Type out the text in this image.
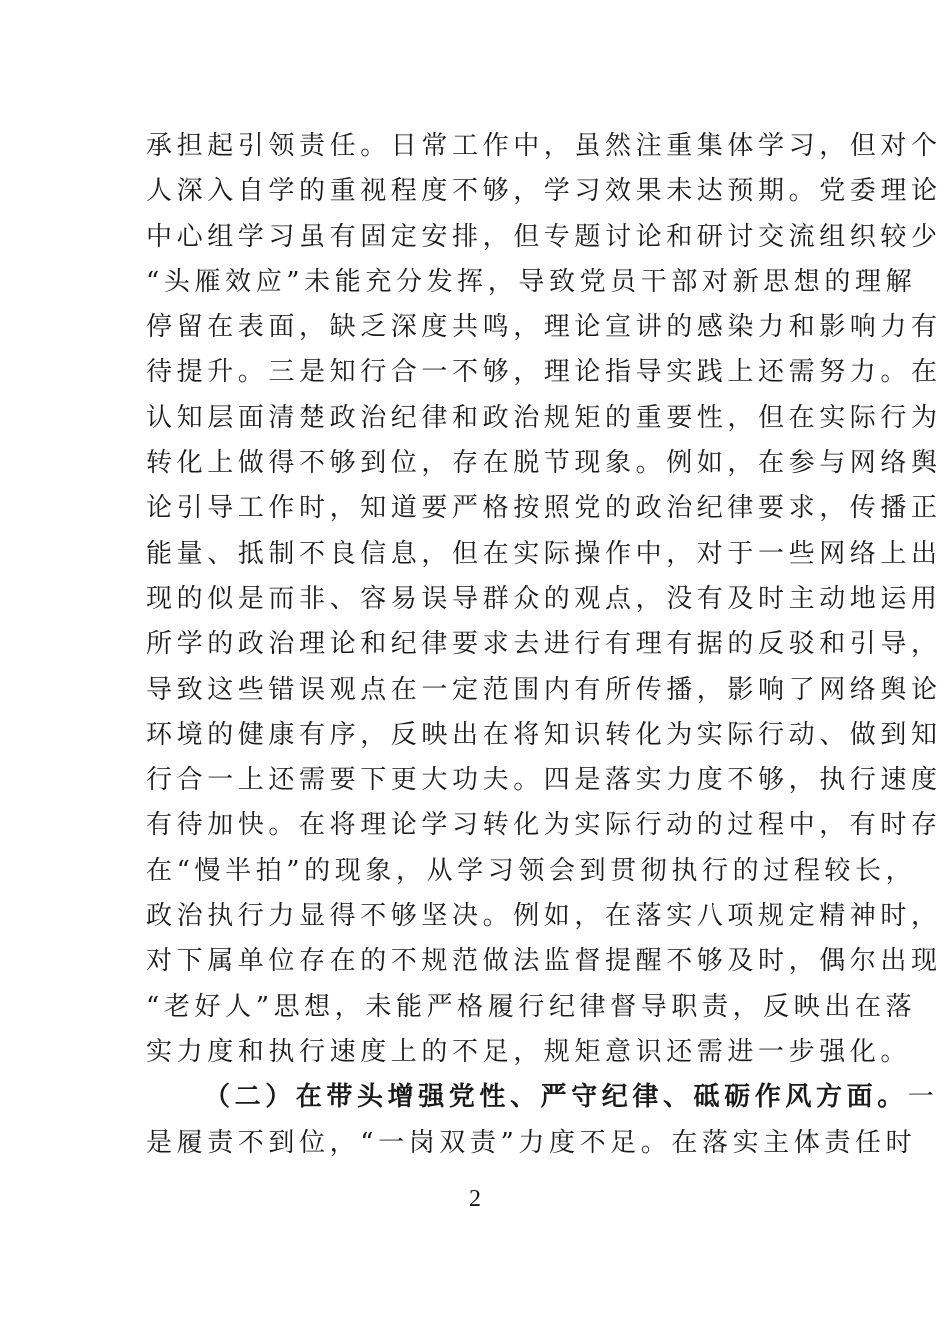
承担起引领责任。日常工作中，虽然注重集体学习，但对个
人深入自学的重视程度不够，学习效果未达预期。党委理论
中心组学习虽有固定安排，但专题讨论和研讨交流组织较少
“头雁效应”未能充分发挥，导致党员干部对新思想的理解
停留在表面，缺乏深度共鸣，理论宣讲的感染力和影响力有
待提升。三是知行合一不够，理论指导实践上还需努力。在
认知层面清楚政治纪律和政治规矩的重要性，但在实际行为
转化上做得不够到位，存在脱节现象。例如，在参与网络舆
论引导工作时，知道要严格按照党的政治纪律要求，传播正
能量、抵制不良信息，但在实际操作中，对于一些网络上出
现的似是而非、容易误导群众的观点，没有及时主动地运用
所学的政治理论和纪律要求去进行有理有据的反驳和引导，
导致这些错误观点在一定范围内有所传播，影响了网络舆论
环境的健康有序，反映出在将知识转化为实际行动、做到知
行合一上还需要下更大功夫。四是落实力度不够，执行速度
有待加快。在将理论学习转化为实际行动的过程中，有时存
在“慢半拍”的现象，从学习领会到贯彻执行的过程较长，
政治执行力显得不够坚决。例如，在落实八项规定精神时，
对下属单位存在的不规范做法监督提醒不够及时，偶尔出现
“老好人”思想，未能严格履行纪律督导职责，反映出在落
实力度和执行速度上的不足，规矩意识还需进一步强化。
（二）在带头增强党性、严守纪律、砥砺作风方面。一
是履责不到位，“一岗双责”力度不足。在落实主体责任时
2
